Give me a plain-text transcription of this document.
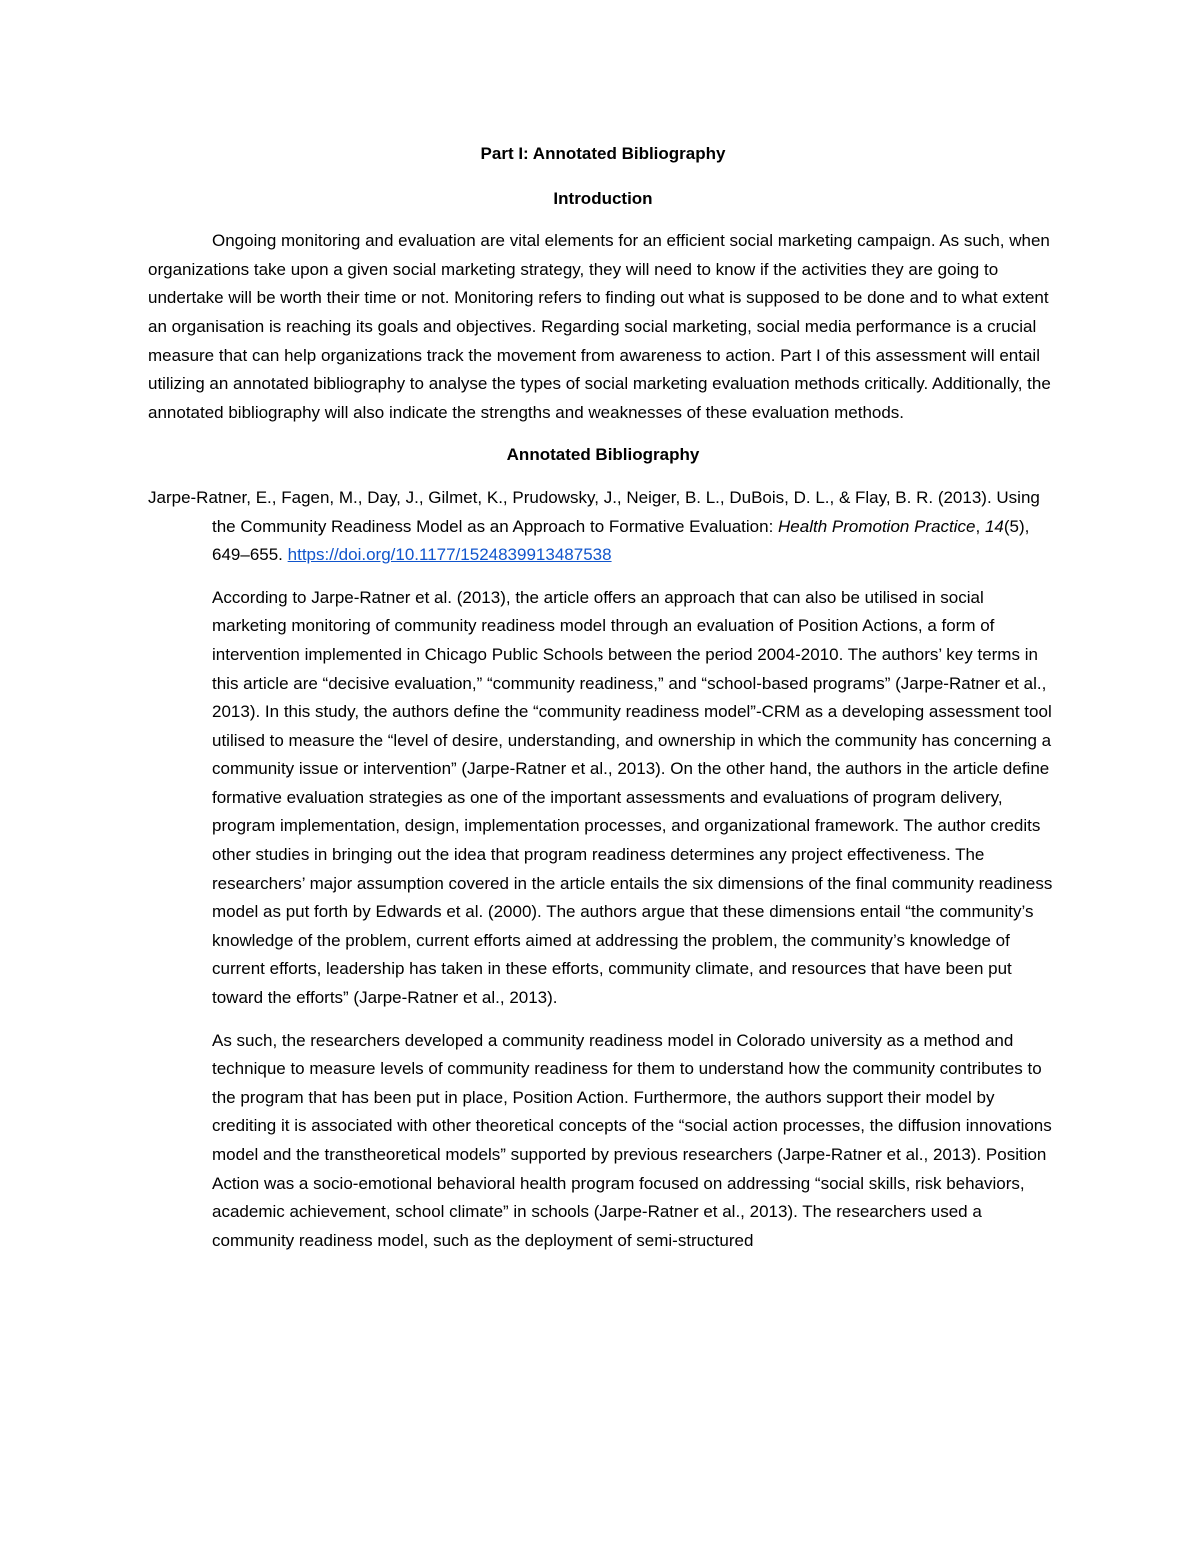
Part I: Annotated Bibliography
Introduction

Ongoing monitoring and evaluation are vital elements for an efficient social marketing campaign. As such, when organizations take upon a given social marketing strategy, they will need to know if the activities they are going to undertake will be worth their time or not. Monitoring refers to finding out what is supposed to be done and to what extent an organisation is reaching its goals and objectives. Regarding social marketing, social media performance is a crucial measure that can help organizations track the movement from awareness to action. Part I of this assessment will entail utilizing an annotated bibliography to analyse the types of social marketing evaluation methods critically. Additionally, the annotated bibliography will also indicate the strengths and weaknesses of these evaluation methods.

Annotated Bibliography

Jarpe-Ratner, E., Fagen, M., Day, J., Gilmet, K., Prudowsky, J., Neiger, B. L., DuBois, D. L., & Flay, B. R. (2013). Using the Community Readiness Model as an Approach to Formative Evaluation: Health Promotion Practice, 14(5), 649–655. https://doi.org/10.1177/1524839913487538

According to Jarpe-Ratner et al. (2013), the article offers an approach that can also be utilised in social marketing monitoring of community readiness model through an evaluation of Position Actions, a form of intervention implemented in Chicago Public Schools between the period 2004-2010. The authors’ key terms in this article are “decisive evaluation,” “community readiness,” and “school-based programs” (Jarpe-Ratner et al., 2013). In this study, the authors define the “community readiness model”-CRM as a developing assessment tool utilised to measure the “level of desire, understanding, and ownership in which the community has concerning a community issue or intervention” (Jarpe-Ratner et al., 2013). On the other hand, the authors in the article define formative evaluation strategies as one of the important assessments and evaluations of program delivery, program implementation, design, implementation processes, and organizational framework. The author credits other studies in bringing out the idea that program readiness determines any project effectiveness. The researchers’ major assumption covered in the article entails the six dimensions of the final community readiness model as put forth by Edwards et al. (2000). The authors argue that these dimensions entail “the community’s knowledge of the problem, current efforts aimed at addressing the problem, the community’s knowledge of current efforts, leadership has taken in these efforts, community climate, and resources that have been put toward the efforts” (Jarpe-Ratner et al., 2013).

As such, the researchers developed a community readiness model in Colorado university as a method and technique to measure levels of community readiness for them to understand how the community contributes to the program that has been put in place, Position Action. Furthermore, the authors support their model by crediting it is associated with other theoretical concepts of the “social action processes, the diffusion innovations model and the transtheoretical models” supported by previous researchers (Jarpe-Ratner et al., 2013). Position Action was a socio-emotional behavioral health program focused on addressing “social skills, risk behaviors, academic achievement, school climate” in schools (Jarpe-Ratner et al., 2013). The researchers used a community readiness model, such as the deployment of semi-structured
